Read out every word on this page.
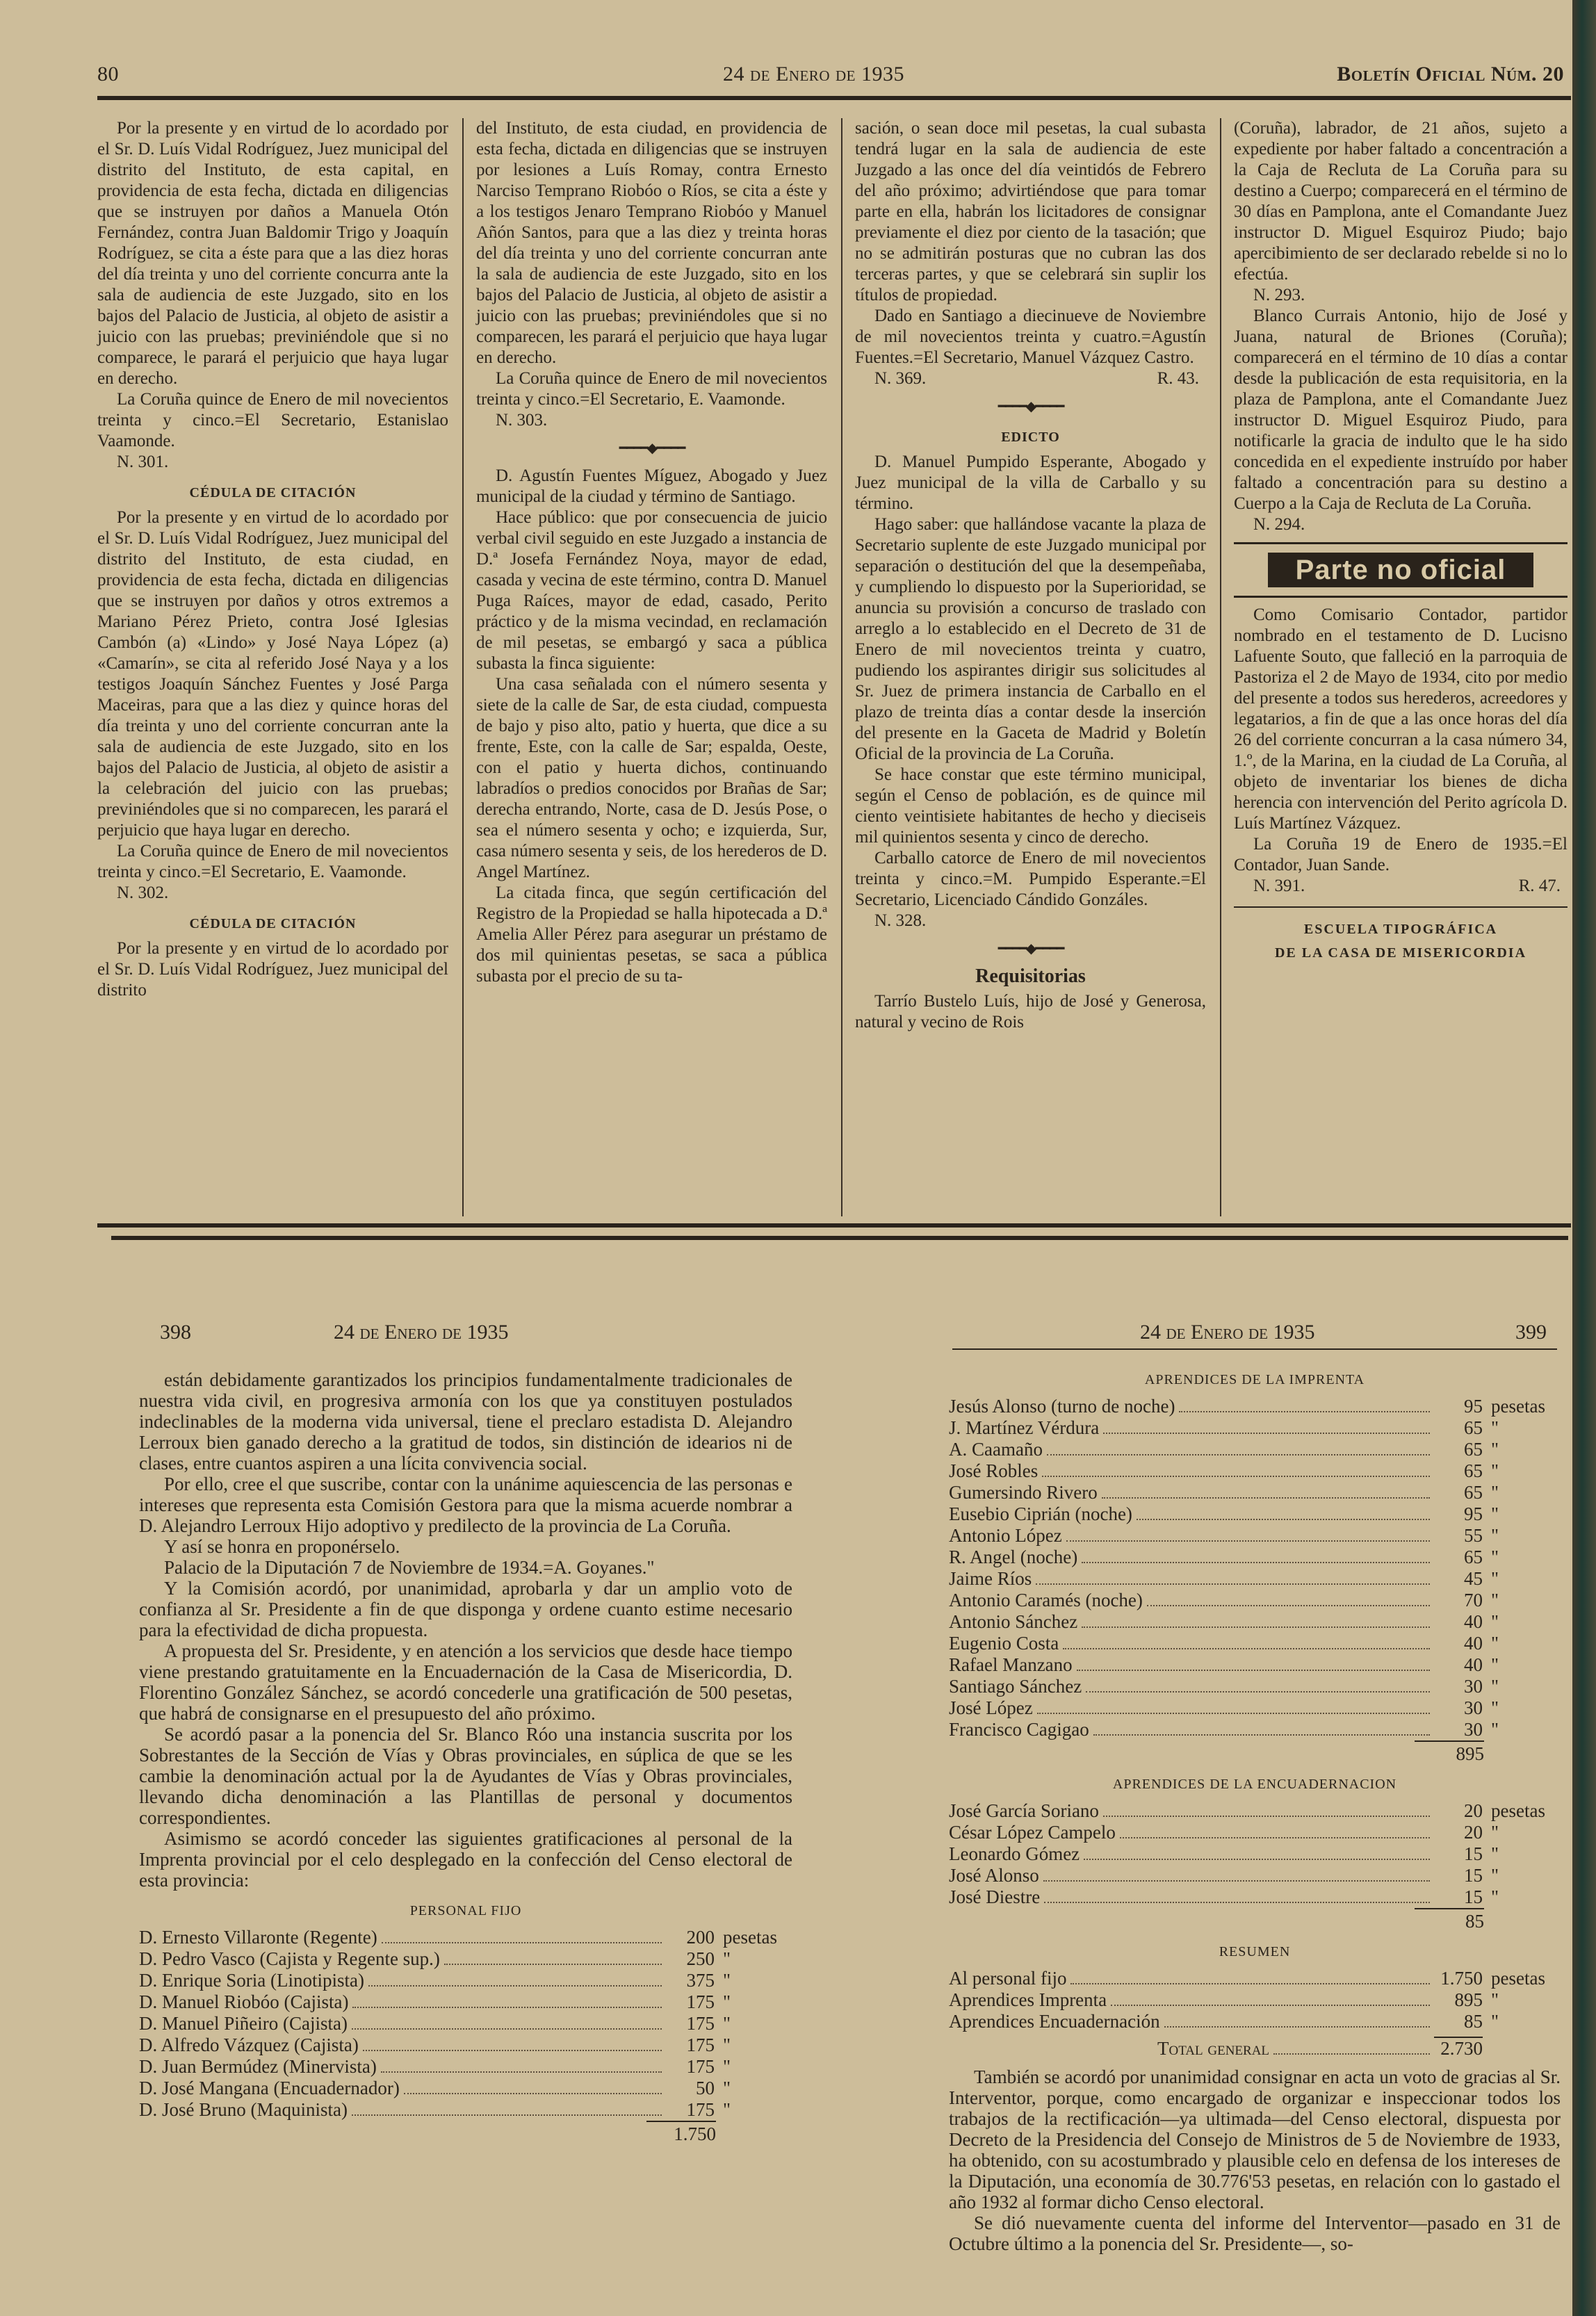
80	24 de Enero de 1935	Boletín Oficial Núm. 20

Por la presente y en virtud de lo acordado por el Sr. D. Luís Vidal Rodríguez, Juez municipal del distrito del Instituto, de esta capital, en providencia de esta fecha, dictada en diligencias que se instruyen por daños a Manuela Otón Fernández, contra Juan Baldomir Trigo y Joaquín Rodríguez, se cita a éste para que a las diez horas del día treinta y uno del corriente concurra ante la sala de audiencia de este Juzgado, sito en los bajos del Palacio de Justicia, al objeto de asistir a juicio con las pruebas; previniéndole que si no comparece, le parará el perjuicio que haya lugar en derecho.

La Coruña quince de Enero de mil novecientos treinta y cinco.=El Secretario, Estanislao Vaamonde.

N. 301.

CÉDULA DE CITACIÓN

Por la presente y en virtud de lo acordado por el Sr. D. Luís Vidal Rodríguez, Juez municipal del distrito del Instituto, de esta ciudad, en providencia de esta fecha, dictada en diligencias que se instruyen por daños y otros extremos a Mariano Pérez Prieto, contra José Iglesias Cambón (a) «Lindo» y José Naya López (a) «Camarín», se cita al referido José Naya y a los testigos Joaquín Sánchez Fuentes y José Parga Maceiras, para que a las diez y quince horas del día treinta y uno del corriente concurran ante la sala de audiencia de este Juzgado, sito en los bajos del Palacio de Justicia, al objeto de asistir a la celebración del juicio con las pruebas; previniéndoles que si no comparecen, les parará el perjuicio que haya lugar en derecho.

La Coruña quince de Enero de mil novecientos treinta y cinco.=El Secretario, E. Vaamonde.

N. 302.

CÉDULA DE CITACIÓN

Por la presente y en virtud de lo acordado por el Sr. D. Luís Vidal Rodríguez, Juez municipal del distrito

del Instituto, de esta ciudad, en providencia de esta fecha, dictada en diligencias que se instruyen por lesiones a Luís Romay, contra Ernesto Narciso Temprano Riobóo o Ríos, se cita a éste y a los testigos Jenaro Temprano Riobóo y Manuel Añón Santos, para que a las diez y treinta horas del día treinta y uno del corriente concurran ante la sala de audiencia de este Juzgado, sito en los bajos del Palacio de Justicia, al objeto de asistir a juicio con las pruebas; previniéndoles que si no comparecen, les parará el perjuicio que haya lugar en derecho.

La Coruña quince de Enero de mil novecientos treinta y cinco.=El Secretario, E. Vaamonde.

N. 303.

━━━━◆━━━━

D. Agustín Fuentes Míguez, Abogado y Juez municipal de la ciudad y término de Santiago.

Hace público: que por consecuencia de juicio verbal civil seguido en este Juzgado a instancia de D.ª Josefa Fernández Noya, mayor de edad, casada y vecina de este término, contra D. Manuel Puga Raíces, mayor de edad, casado, Perito práctico y de la misma vecindad, en reclamación de mil pesetas, se embargó y saca a pública subasta la finca siguiente:

Una casa señalada con el número sesenta y siete de la calle de Sar, de esta ciudad, compuesta de bajo y piso alto, patio y huerta, que dice a su frente, Este, con la calle de Sar; espalda, Oeste, con el patio y huerta dichos, continuando labradíos o predios conocidos por Brañas de Sar; derecha entrando, Norte, casa de D. Jesús Pose, o sea el número sesenta y ocho; e izquierda, Sur, casa número sesenta y seis, de los herederos de D. Angel Martínez.

La citada finca, que según certificación del Registro de la Propiedad se halla hipotecada a D.ª Amelia Aller Pérez para asegurar un préstamo de dos mil quinientas pesetas, se saca a pública subasta por el precio de su ta-

sación, o sean doce mil pesetas, la cual subasta tendrá lugar en la sala de audiencia de este Juzgado a las once del día veintidós de Febrero del año próximo; advirtiéndose que para tomar parte en ella, habrán los licitadores de consignar previamente el diez por ciento de la tasación; que no se admitirán posturas que no cubran las dos terceras partes, y que se celebrará sin suplir los títulos de propiedad.

Dado en Santiago a diecinueve de Noviembre de mil novecientos treinta y cuatro.=Agustín Fuentes.=El Secretario, Manuel Vázquez Castro.

N. 369.	R. 43.
━━━━◆━━━━
EDICTO

D. Manuel Pumpido Esperante, Abogado y Juez municipal de la villa de Carballo y su término.

Hago saber: que hallándose vacante la plaza de Secretario suplente de este Juzgado municipal por separación o destitución del que la desempeñaba, y cumpliendo lo dispuesto por la Superioridad, se anuncia su provisión a concurso de traslado con arreglo a lo establecido en el Decreto de 31 de Enero de mil novecientos treinta y cuatro, pudiendo los aspirantes dirigir sus solicitudes al Sr. Juez de primera instancia de Carballo en el plazo de treinta días a contar desde la inserción del presente en la Gaceta de Madrid y Boletín Oficial de la provincia de La Coruña.

Se hace constar que este término municipal, según el Censo de población, es de quince mil ciento veintisiete habitantes de hecho y dieciseis mil quinientos sesenta y cinco de derecho.

Carballo catorce de Enero de mil novecientos treinta y cinco.=M. Pumpido Esperante.=El Secretario, Licenciado Cándido Gonzáles.

N. 328.

━━━━◆━━━━
Requisitorias

Tarrío Bustelo Luís, hijo de José y Generosa, natural y vecino de Rois

(Coruña), labrador, de 21 años, sujeto a expediente por haber faltado a concentración a la Caja de Recluta de La Coruña para su destino a Cuerpo; comparecerá en el término de 30 días en Pamplona, ante el Comandante Juez instructor D. Miguel Esquiroz Piudo; bajo apercibimiento de ser declarado rebelde si no lo efectúa.

N. 293.

Blanco Currais Antonio, hijo de José y Juana, natural de Briones (Coruña); comparecerá en el término de 10 días a contar desde la publicación de esta requisitoria, en la plaza de Pamplona, ante el Comandante Juez instructor D. Miguel Esquiroz Piudo, para notificarle la gracia de indulto que le ha sido concedida en el expediente instruído por haber faltado a concentración para su destino a Cuerpo a la Caja de Recluta de La Coruña.

N. 294.

Parte no oficial

Como Comisario Contador, partidor nombrado en el testamento de D. Lucisno Lafuente Souto, que falleció en la parroquia de Pastoriza el 2 de Mayo de 1934, cito por medio del presente a todos sus herederos, acreedores y legatarios, a fin de que a las once horas del día 26 del corriente concurran a la casa número 34, 1.º, de la Marina, en la ciudad de La Coruña, al objeto de inventariar los bienes de dicha herencia con intervención del Perito agrícola D. Luís Martínez Vázquez.

La Coruña 19 de Enero de 1935.=El Contador, Juan Sande.

N. 391.	R. 47.
ESCUELA TIPOGRÁFICA
DE LA CASA DE MISERICORDIA
398	24 de Enero de 1935	24 de Enero de 1935	399

están debidamente garantizados los principios fundamentalmente tradicionales de nuestra vida civil, en progresiva armonía con los que ya constituyen postulados indeclinables de la moderna vida universal, tiene el preclaro estadista D. Alejandro Lerroux bien ganado derecho a la gratitud de todos, sin distinción de idearios ni de clases, entre cuantos aspiren a una lícita convivencia social.

Por ello, cree el que suscribe, contar con la unánime aquiescencia de las personas e intereses que representa esta Comisión Gestora para que la misma acuerde nombrar a D. Alejandro Lerroux Hijo adoptivo y predilecto de la provincia de La Coruña.

Y así se honra en proponérselo.

Palacio de la Diputación 7 de Noviembre de 1934.=A. Goyanes."

Y la Comisión acordó, por unanimidad, aprobarla y dar un amplio voto de confianza al Sr. Presidente a fin de que disponga y ordene cuanto estime necesario para la efectividad de dicha propuesta.

A propuesta del Sr. Presidente, y en atención a los servicios que desde hace tiempo viene prestando gratuitamente en la Encuadernación de la Casa de Misericordia, D. Florentino González Sánchez, se acordó concederle una gratificación de 500 pesetas, que habrá de consignarse en el presupuesto del año próximo.

Se acordó pasar a la ponencia del Sr. Blanco Róo una instancia suscrita por los Sobrestantes de la Sección de Vías y Obras provinciales, en súplica de que se les cambie la denominación actual por la de Ayudantes de Vías y Obras provinciales, llevando dicha denominación a las Plantillas de personal y documentos correspondientes.

Asimismo se acordó conceder las siguientes gratificaciones al personal de la Imprenta provincial por el celo desplegado en la confección del Censo electoral de esta provincia:

PERSONAL FIJO
D. Ernesto Villaronte (Regente)	200 pesetas
D. Pedro Vasco (Cajista y Regente sup.)	250 "
D. Enrique Soria (Linotipista)	375 "
D. Manuel Riobóo (Cajista)	175 "
D. Manuel Piñeiro (Cajista)	175 "
D. Alfredo Vázquez (Cajista)	175 "
D. Juan Bermúdez (Minervista)	175 "
D. José Mangana (Encuadernador)	50 "
D. José Bruno (Maquinista)	175 "
1.750
APRENDICES DE LA IMPRENTA
Jesús Alonso (turno de noche)	95 pesetas
J. Martínez Vérdura	65 "
A. Caamaño	65 "
José Robles	65 "
Gumersindo Rivero	65 "
Eusebio Ciprián (noche)	95 "
Antonio López	55 "
R. Angel (noche)	65 "
Jaime Ríos	45 "
Antonio Caramés (noche)	70 "
Antonio Sánchez	40 "
Eugenio Costa	40 "
Rafael Manzano	40 "
Santiago Sánchez	30 "
José López	30 "
Francisco Cagigao	30 "
895
APRENDICES DE LA ENCUADERNACION
José García Soriano	20 pesetas
César López Campelo	20 "
Leonardo Gómez	15 "
José Alonso	15 "
José Diestre	15 "
85
RESUMEN
Al personal fijo	1.750 pesetas
Aprendices Imprenta	895 "
Aprendices Encuadernación	85 "
Total general	2.730

También se acordó por unanimidad consignar en acta un voto de gracias al Sr. Interventor, porque, como encargado de organizar e inspeccionar todos los trabajos de la rectificación—ya ultimada—del Censo electoral, dispuesta por Decreto de la Presidencia del Consejo de Ministros de 5 de Noviembre de 1933, ha obtenido, con su acostumbrado y plausible celo en defensa de los intereses de la Diputación, una economía de 30.776'53 pesetas, en relación con lo gastado el año 1932 al formar dicho Censo electoral.

Se dió nuevamente cuenta del informe del Interventor—pasado en 31 de Octubre último a la ponencia del Sr. Presidente—, so-
